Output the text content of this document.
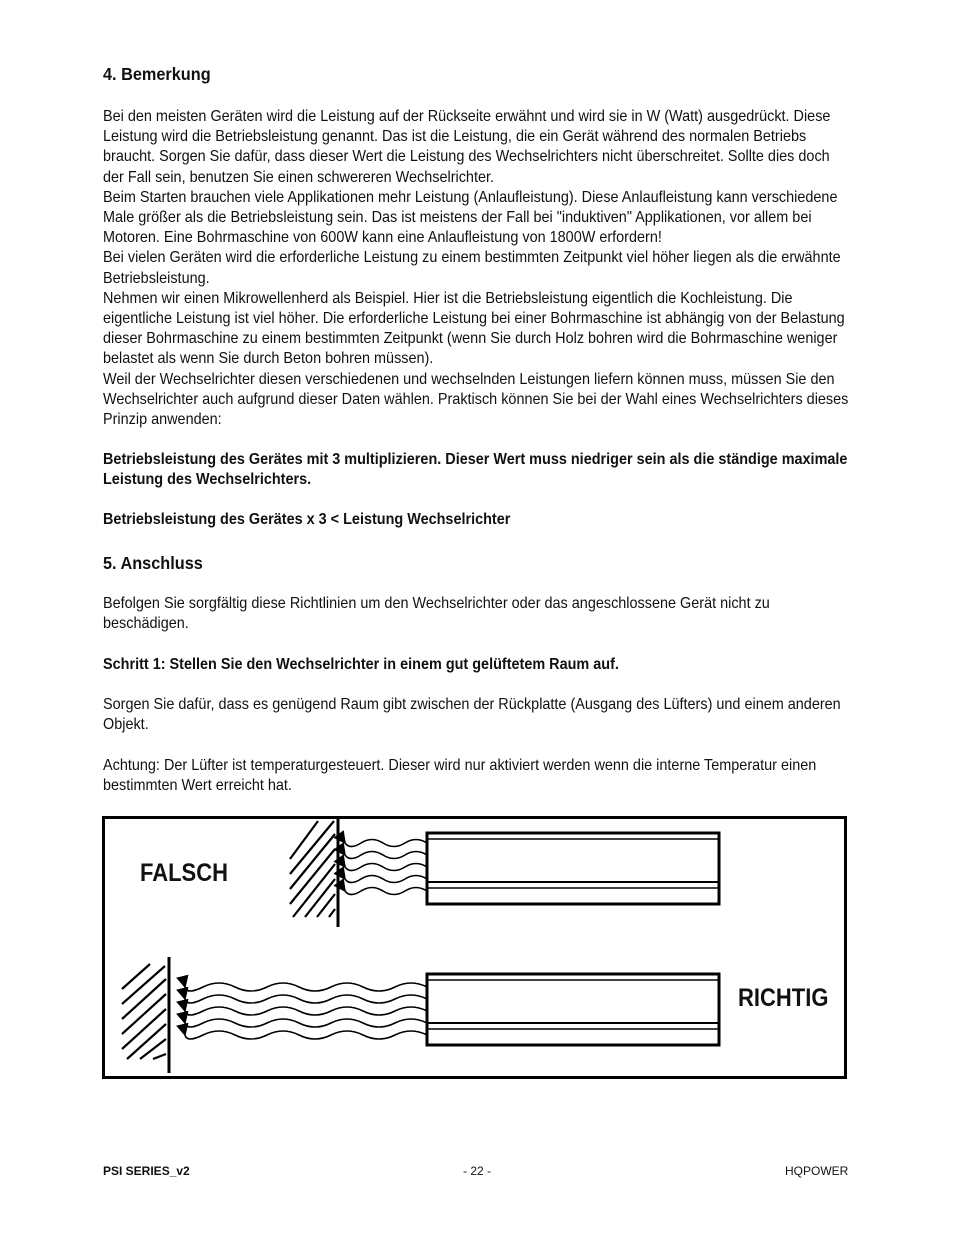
4. Bemerkung
Bei den meisten Geräten wird die Leistung auf der Rückseite erwähnt und wird sie in W (Watt) ausgedrückt. Diese
Leistung wird die Betriebsleistung genannt. Das ist die Leistung, die ein Gerät während des normalen Betriebs
braucht. Sorgen Sie dafür, dass dieser Wert die Leistung des Wechselrichters nicht überschreitet. Sollte dies doch
der Fall sein, benutzen Sie einen schwereren Wechselrichter.
Beim Starten brauchen viele Applikationen mehr Leistung (Anlaufleistung). Diese Anlaufleistung kann verschiedene
Male größer als die Betriebsleistung sein. Das ist meistens der Fall bei "induktiven" Applikationen, vor allem bei
Motoren. Eine Bohrmaschine von 600W kann eine Anlaufleistung von 1800W erfordern!
Bei vielen Geräten wird die erforderliche Leistung zu einem bestimmten Zeitpunkt viel höher liegen als die erwähnte
Betriebsleistung.
Nehmen wir einen Mikrowellenherd als Beispiel. Hier ist die Betriebsleistung eigentlich die Kochleistung. Die
eigentliche Leistung ist viel höher. Die erforderliche Leistung bei einer Bohrmaschine ist abhängig von der Belastung
dieser Bohrmaschine zu einem bestimmten Zeitpunkt (wenn Sie durch Holz bohren wird die Bohrmaschine weniger
belastet als wenn Sie durch Beton bohren müssen).
Weil der Wechselrichter diesen verschiedenen und wechselnden Leistungen liefern können muss, müssen Sie den
Wechselrichter auch aufgrund dieser Daten wählen. Praktisch können Sie bei der Wahl eines Wechselrichters dieses
Prinzip anwenden:
Betriebsleistung des Gerätes mit 3 multiplizieren. Dieser Wert muss niedriger sein als die ständige maximale
Leistung des Wechselrichters.
Betriebsleistung des Gerätes x 3 < Leistung Wechselrichter
5. Anschluss
Befolgen Sie sorgfältig diese Richtlinien um den Wechselrichter oder das angeschlossene Gerät nicht zu
beschädigen.
Schritt 1: Stellen Sie den Wechselrichter in einem gut gelüftetem Raum auf.
Sorgen Sie dafür, dass es genügend Raum gibt zwischen der Rückplatte (Ausgang des Lüfters) und einem anderen
Objekt.
Achtung: Der Lüfter ist temperaturgesteuert. Dieser wird nur aktiviert werden wenn die interne Temperatur einen
bestimmten Wert erreicht hat.
FALSCH
RICHTIG
PSI SERIES_v2	- 22 -	HQPOWER
